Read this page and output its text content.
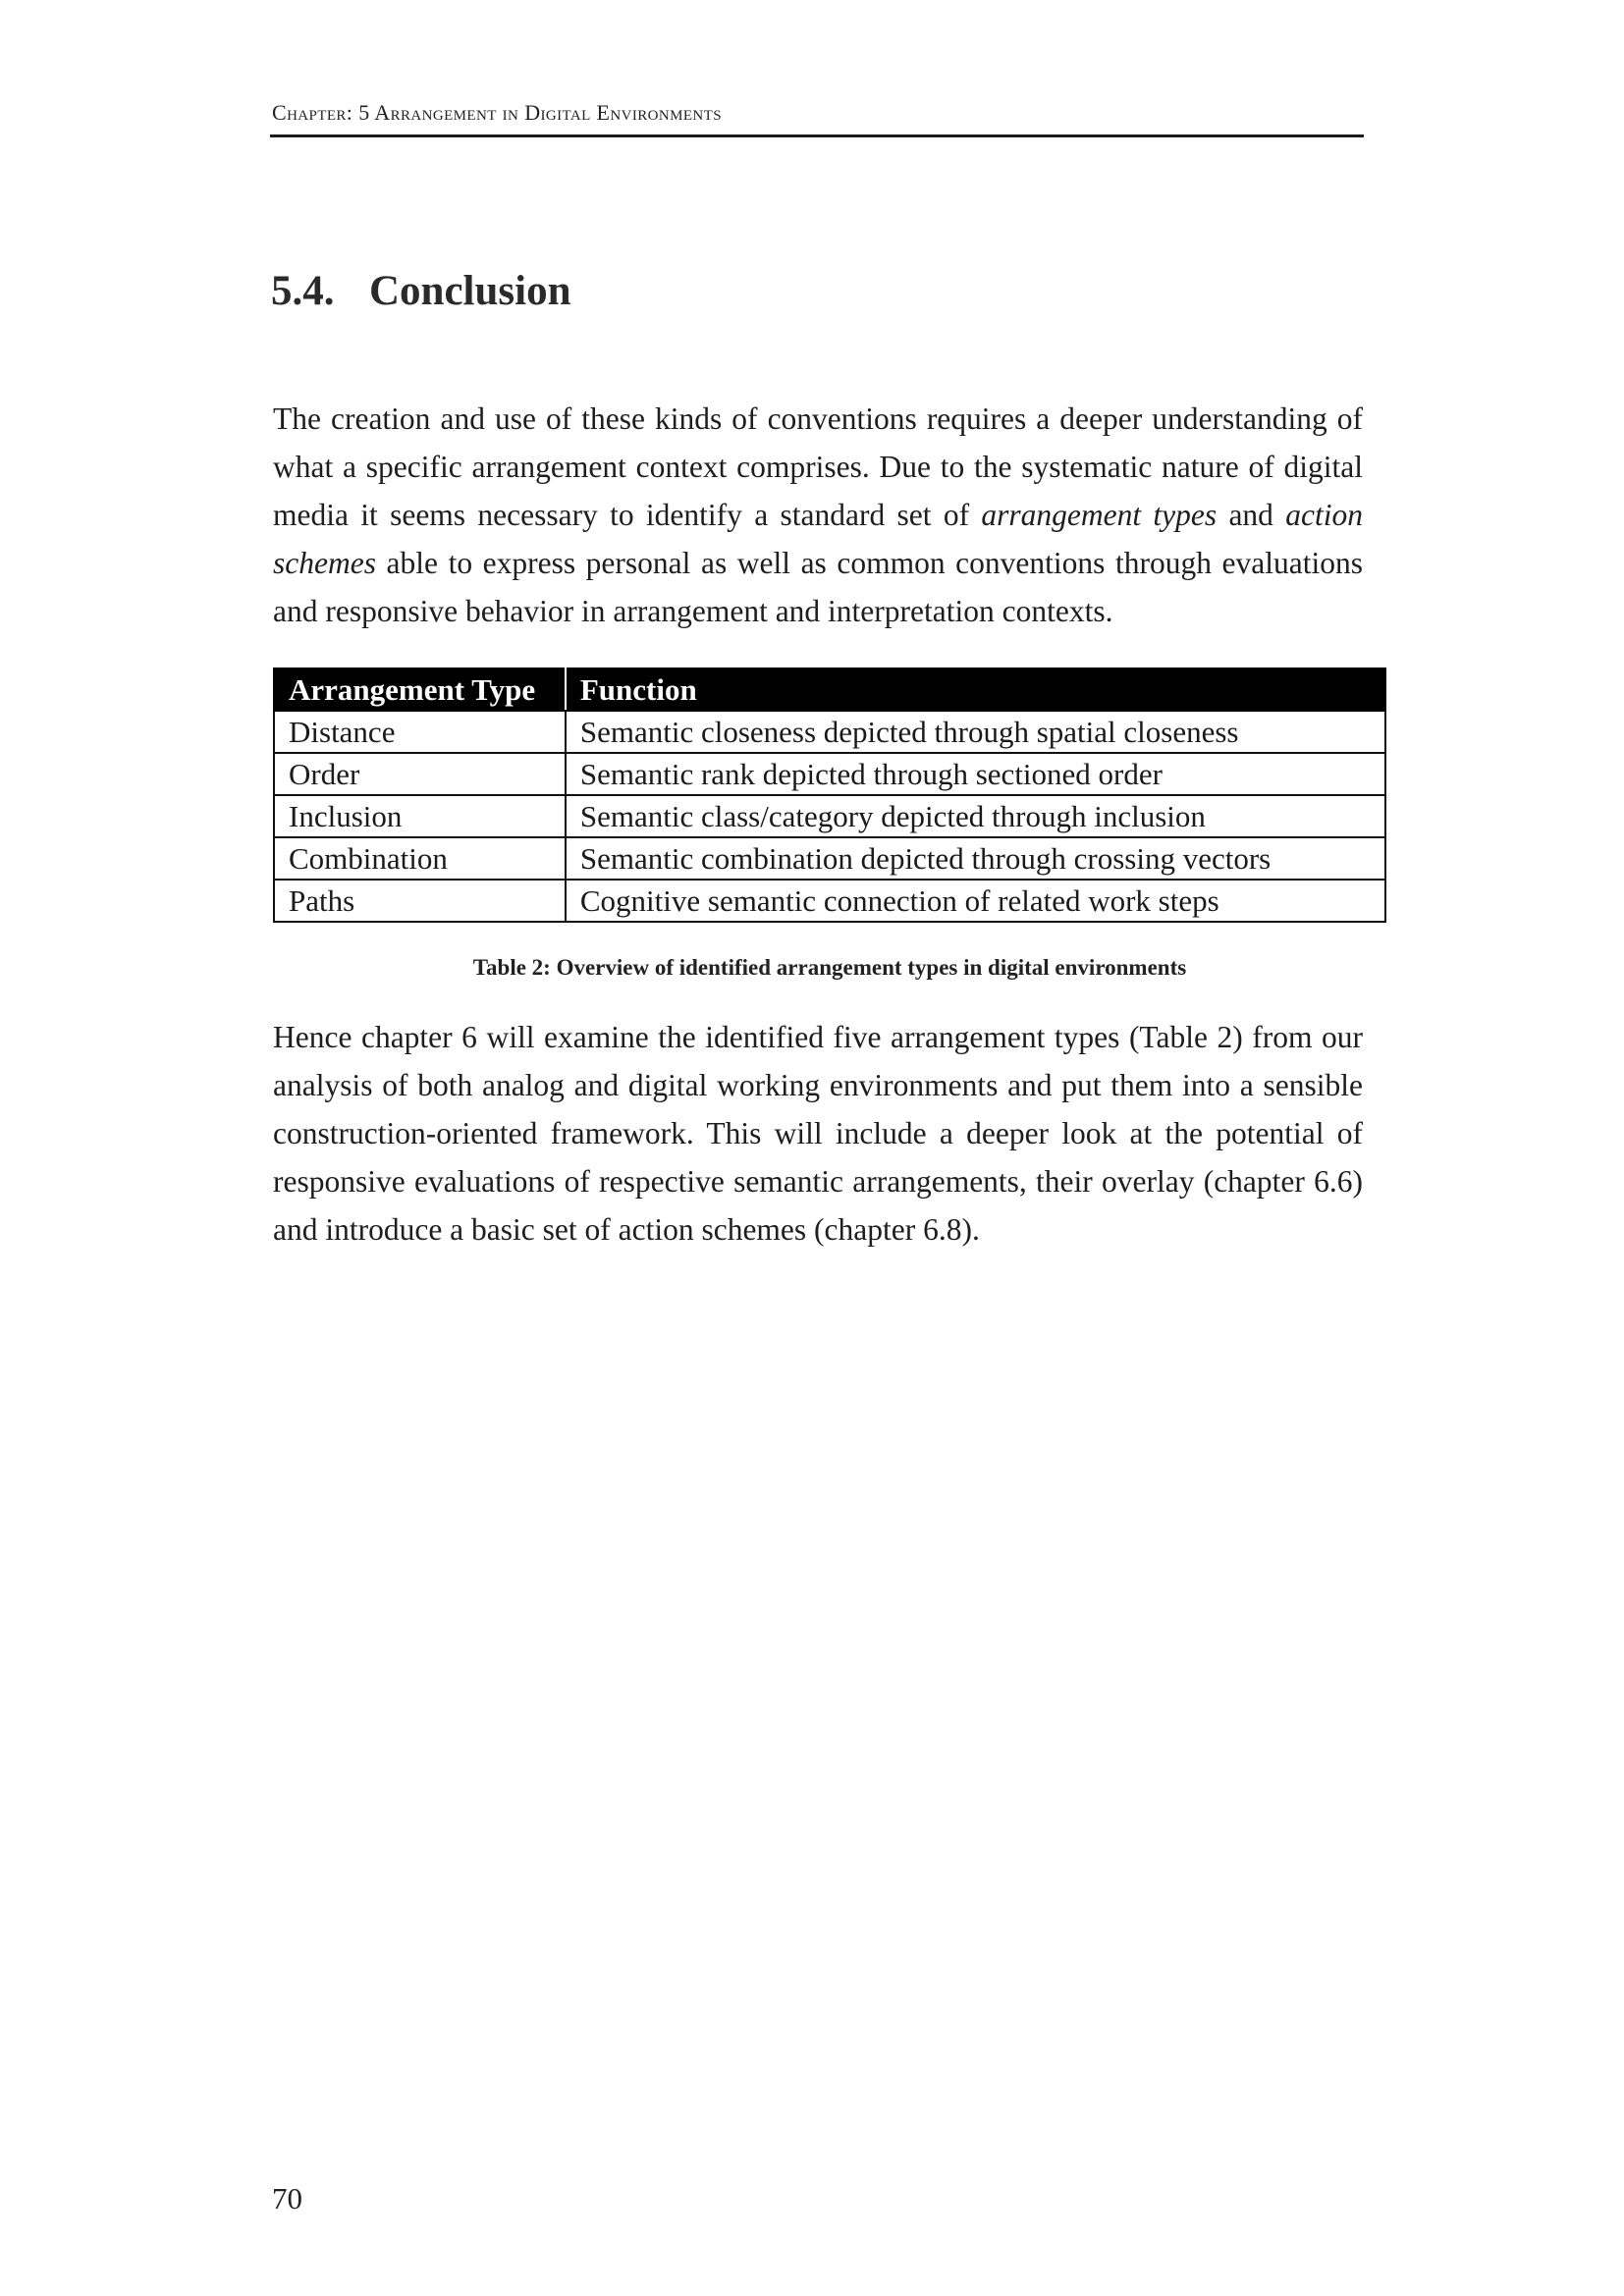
Chapter: 5 Arrangement in Digital Environments
5.4. Conclusion

The creation and use of these kinds of conventions requires a deeper understanding of what a specific arrangement context comprises. Due to the systematic nature of digital media it seems necessary to identify a standard set of arrangement types and action schemes able to express personal as well as common conventions through evaluations and responsive behavior in arrangement and interpretation contexts.

Arrangement Type	Function
Distance	Semantic closeness depicted through spatial closeness
Order	Semantic rank depicted through sectioned order
Inclusion	Semantic class/category depicted through inclusion
Combination	Semantic combination depicted through crossing vectors
Paths	Cognitive semantic connection of related work steps
Table 2: Overview of identified arrangement types in digital environments

Hence chapter 6 will examine the identified five arrangement types (Table 2) from our analysis of both analog and digital working environments and put them into a sensible construction-oriented framework. This will include a deeper look at the potential of responsive evaluations of respective semantic arrangements, their overlay (chapter 6.6) and introduce a basic set of action schemes (chapter 6.8).

70
